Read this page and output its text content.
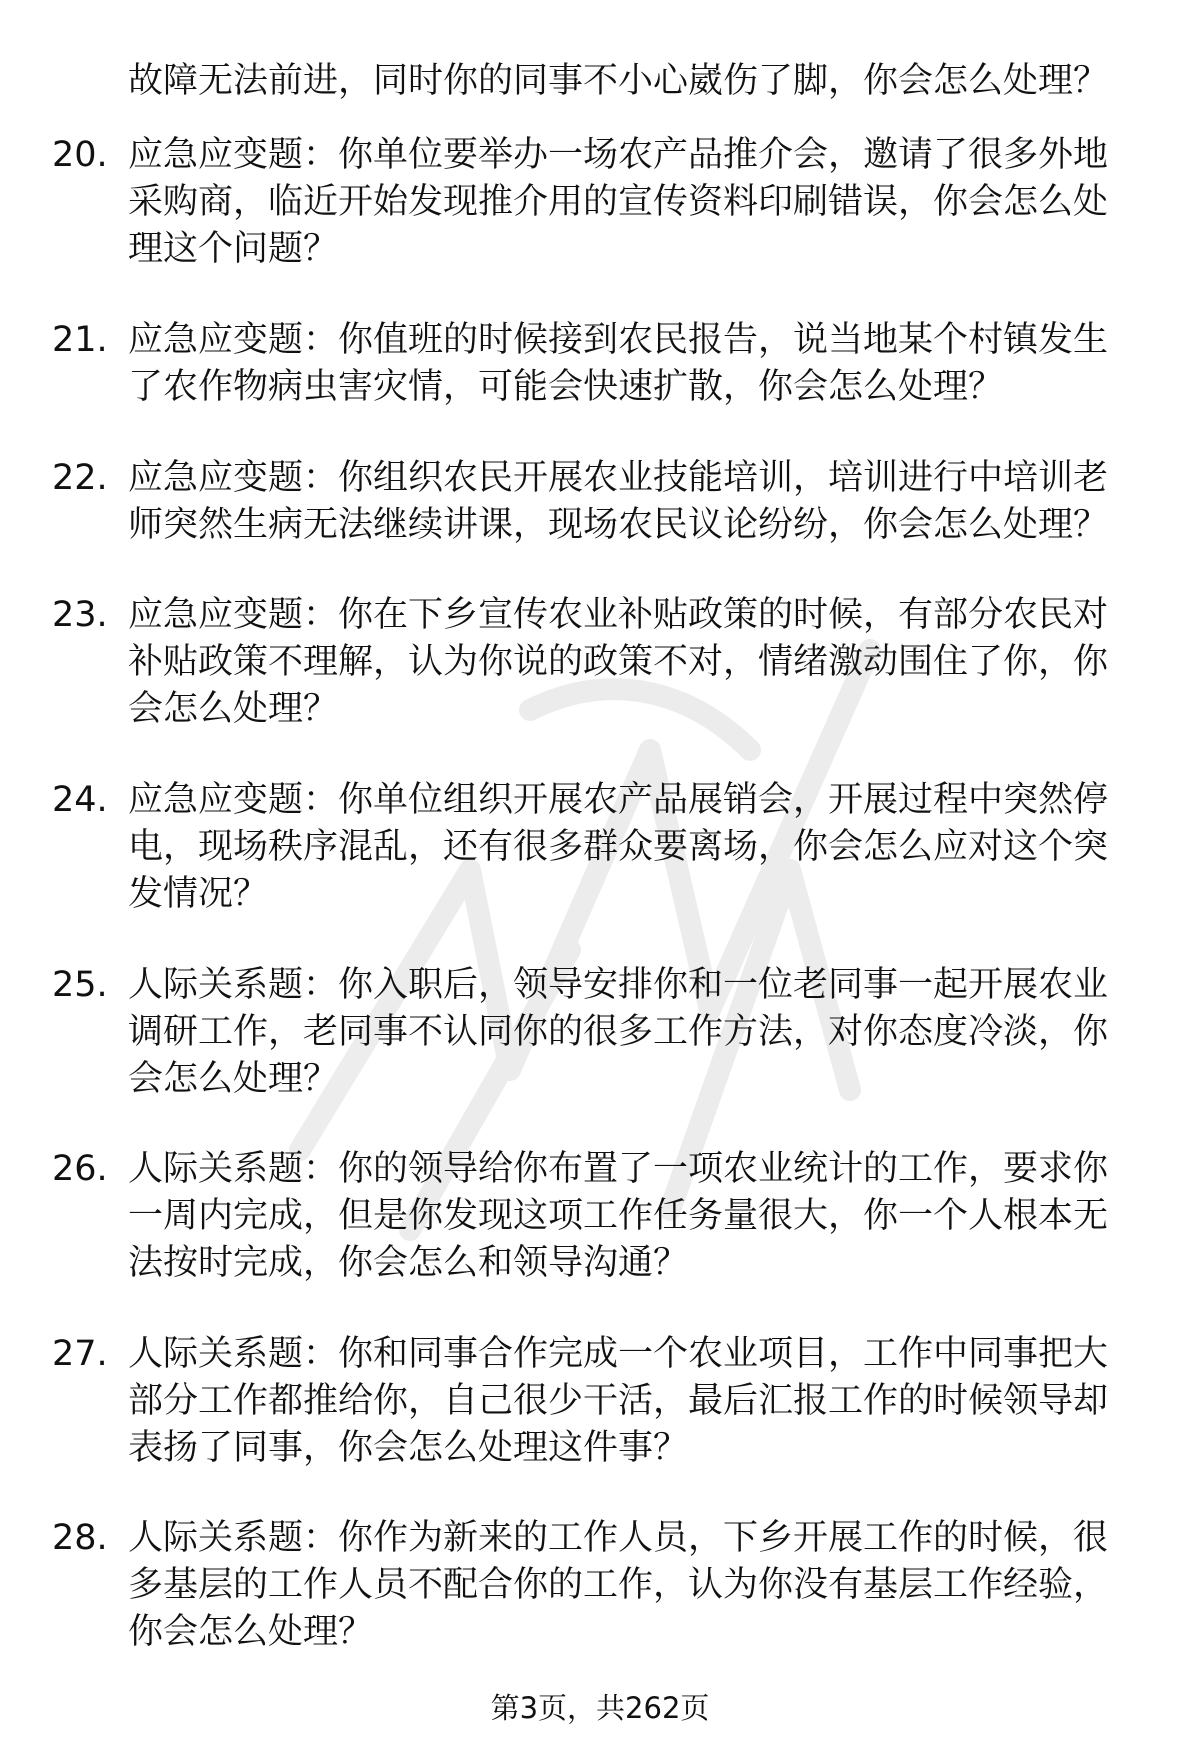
故障无法前进，同时你的同事不小心崴伤了脚，你会怎么处理？

20. 应急应变题：你单位要举办一场农产品推介会，邀请了很多外地采购商，临近开始发现推介用的宣传资料印刷错误，你会怎么处理这个问题？

21. 应急应变题：你值班的时候接到农民报告，说当地某个村镇发生了农作物病虫害灾情，可能会快速扩散，你会怎么处理？

22. 应急应变题：你组织农民开展农业技能培训，培训进行中培训老师突然生病无法继续讲课，现场农民议论纷纷，你会怎么处理？

23. 应急应变题：你在下乡宣传农业补贴政策的时候，有部分农民对补贴政策不理解，认为你说的政策不对，情绪激动围住了你，你会怎么处理？

24. 应急应变题：你单位组织开展农产品展销会，开展过程中突然停电，现场秩序混乱，还有很多群众要离场，你会怎么应对这个突发情况？

25. 人际关系题：你入职后，领导安排你和一位老同事一起开展农业调研工作，老同事不认同你的很多工作方法，对你态度冷淡，你会怎么处理？

26. 人际关系题：你的领导给你布置了一项农业统计的工作，要求你一周内完成，但是你发现这项工作任务量很大，你一个人根本无法按时完成，你会怎么和领导沟通？

27. 人际关系题：你和同事合作完成一个农业项目，工作中同事把大部分工作都推给你，自己很少干活，最后汇报工作的时候领导却表扬了同事，你会怎么处理这件事？

28. 人际关系题：你作为新来的工作人员，下乡开展工作的时候，很多基层的工作人员不配合你的工作，认为你没有基层工作经验，你会怎么处理？

第3页，共262页
